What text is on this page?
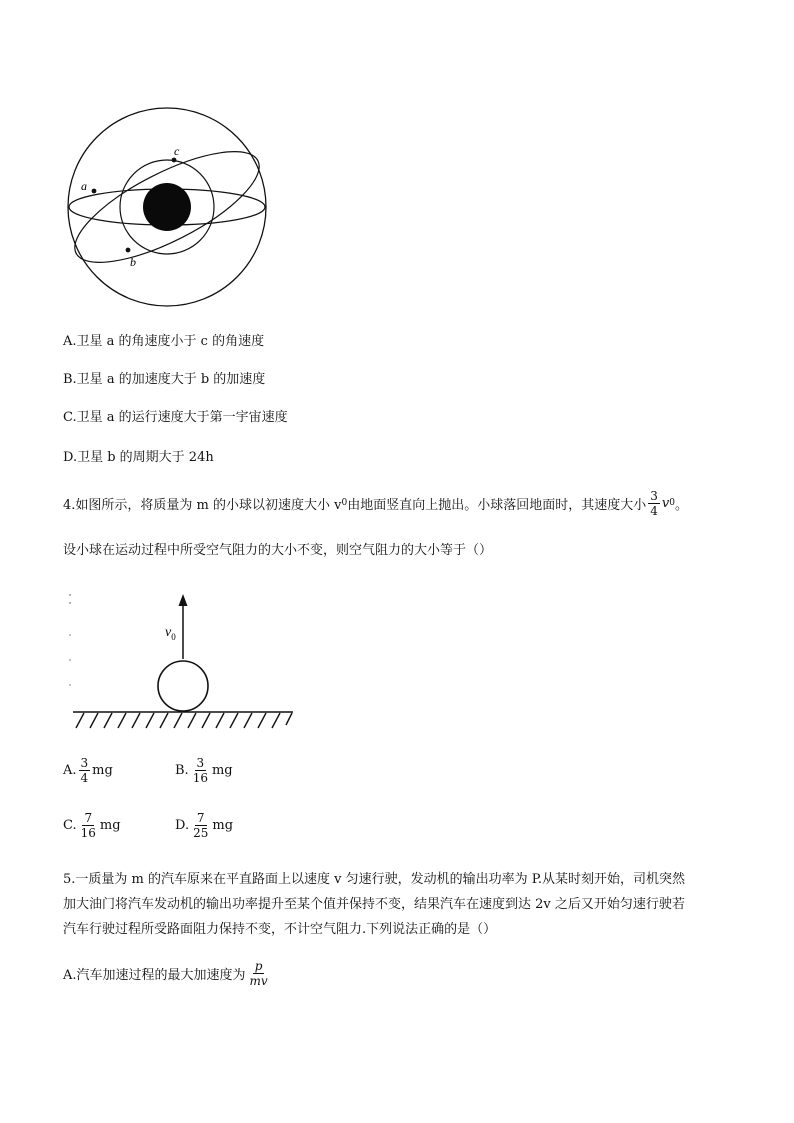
a
b
c
A.卫星 a 的角速度小于 c 的角速度
B.卫星 a 的加速度大于 b 的加速度
C.卫星 a 的运行速度大于第一宇宙速度
D.卫星 b 的周期大于 24h
4.如图所示，将质量为 m 的小球以初速度大小 v 0 由地面竖直向上抛出。小球落回地面时，其速度大小 $\frac{3}{4}$ v 0 。
设小球在运动过程中所受空气阻力的大小不变，则空气阻力的大小等于（）
$v_0$
A. $\frac{3}{4}$ mg	B. $\frac{3}{16}$ mg
C. $\frac{7}{16}$ mg	D. $\frac{7}{25}$ mg
5.一质量为 m 的汽车原来在平直路面上以速度 v 匀速行驶，发动机的输出功率为 P.从某时刻开始，司机突然
加大油门将汽车发动机的输出功率提升至某个值并保持不变，结果汽车在速度到达 2v 之后又开始匀速行驶若
汽车行驶过程所受路面阻力保持不变，不计空气阻力.下列说法正确的是（）
A.汽车加速过程的最大加速度为 $\frac{p}{mv}$
